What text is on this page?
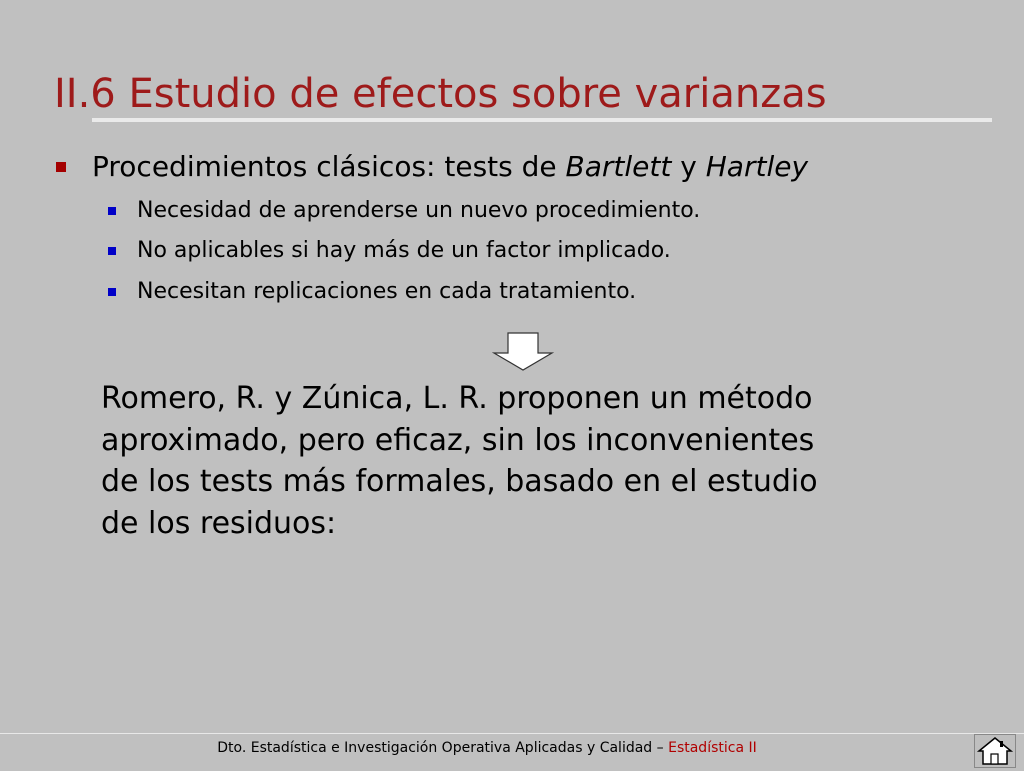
II.6 Estudio de efectos sobre varianzas
Procedimientos clásicos: tests de Bartlett y Hartley
Necesidad de aprenderse un nuevo procedimiento.
No aplicables si hay más de un factor implicado.
Necesitan replicaciones en cada tratamiento.

Romero, R. y Zúnica, L. R. proponen un método
aproximado, pero eficaz, sin los inconvenientes
de los tests más formales, basado en el estudio
de los residuos:

Dto. Estadística e Investigación Operativa Aplicadas y Calidad – Estadística II
